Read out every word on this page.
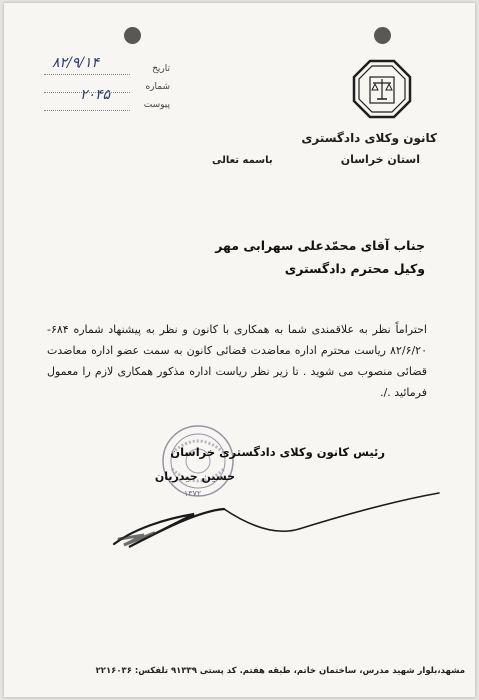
۸۲/۹/۱۴	تاریخ
۲۰۴۵	شماره
پیوست
کانون وکلای دادگستری
استان خراسان
باسمه تعالی
جناب آقای محمّدعلی سهرابی مهر
وکیل محترم دادگستری

احتراماً نظر به علاقمندی شما به همکاری با کانون و نظر به پیشنهاد شماره ۶۸۴- ۸۲/۶/۲۰ ریاست محترم اداره معاضدت قضائی کانون به سمت عضو اداره معاضدت قضائی منصوب می شوید . تا زیر نظر ریاست اداره مذکور همکاری لازم را معمول فرمائید ./.

رئیس کانون وکلای دادگستری خراسان
حسین حیدریان
۱۳۷۲
مشهد،بلوار شهید مدرس، ساختمان خاتم، طبقه هفتم. کد پستی ۹۱۳۳۹ تلفکس: ۲۲۱۶۰۳۶
